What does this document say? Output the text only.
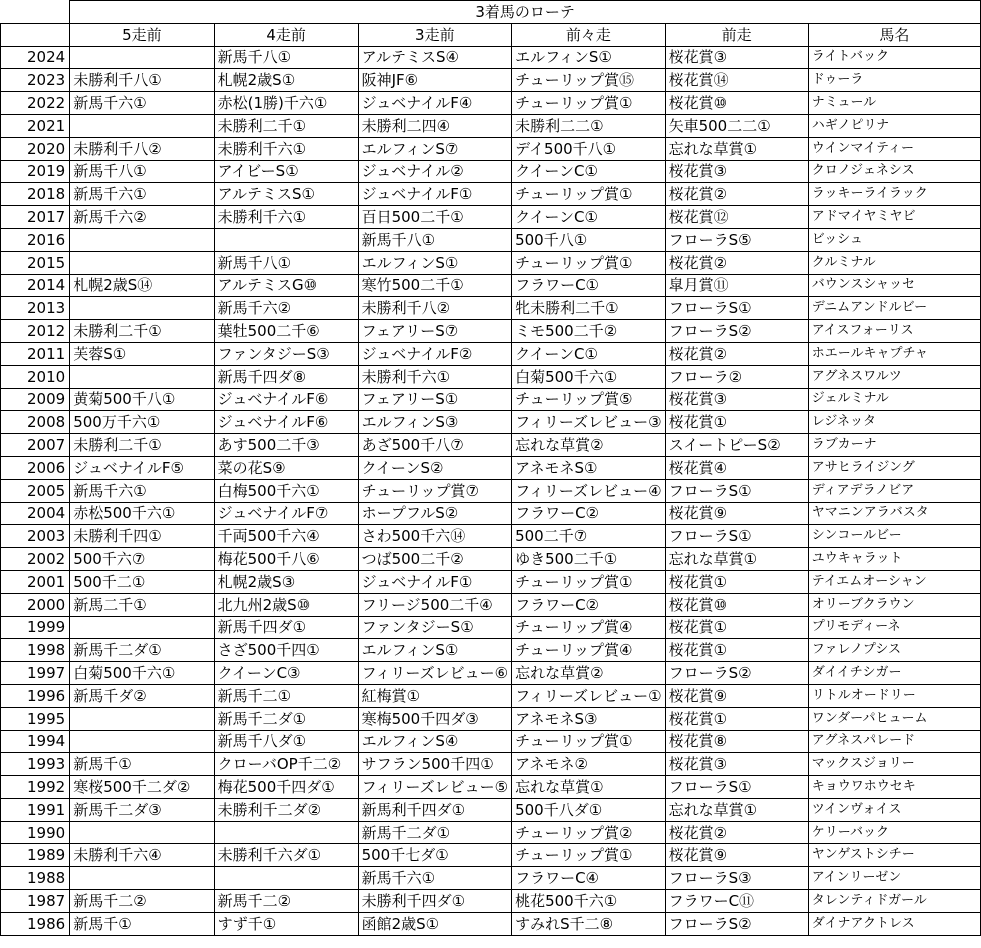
	3着馬のローテ					
	5走前	4走前	3走前	前々走	前走	馬名
2024		新馬千八①	アルテミスS④	エルフィンS①	桜花賞③	ライトバック
2023	未勝利千八①	札幌2歳S①	阪神JF⑥	チューリップ賞⑮	桜花賞⑭	ドゥーラ
2022	新馬千六①	赤松(1勝)千六①	ジュベナイルF④	チューリップ賞①	桜花賞⑩	ナミュール
2021		未勝利二千①	未勝利二四④	未勝利二二①	矢車500二二①	ハギノピリナ
2020	未勝利千八②	未勝利千六①	エルフィンS⑦	デイ500千八①	忘れな草賞①	ウインマイティー
2019	新馬千八①	アイビーS①	ジュベナイル②	クイーンC①	桜花賞③	クロノジェネシス
2018	新馬千六①	アルテミスS①	ジュベナイルF①	チューリップ賞①	桜花賞②	ラッキーライラック
2017	新馬千六②	未勝利千六①	百日500二千①	クイーンC①	桜花賞⑫	アドマイヤミヤビ
2016			新馬千八①	500千八①	フローラS⑤	ビッシュ
2015		新馬千八①	エルフィンS①	チューリップ賞①	桜花賞②	クルミナル
2014	札幌2歳S⑭	アルテミスG⑩	寒竹500二千①	フラワーC①	皐月賞⑪	バウンスシャッセ
2013		新馬千六②	未勝利千八②	牝未勝利二千①	フローラS①	デニムアンドルビー
2012	未勝利二千①	葉牡500二千⑥	フェアリーS⑦	ミモ500二千②	フローラS②	アイスフォーリス
2011	芙蓉S①	ファンタジーS③	ジュベナイルF②	クイーンC①	桜花賞②	ホエールキャプチャ
2010		新馬千四ダ⑧	未勝利千六①	白菊500千六①	フローラ②	アグネスワルツ
2009	黄菊500千八①	ジュベナイルF⑥	フェアリーS①	チューリップ賞⑤	桜花賞③	ジェルミナル
2008	500万千六①	ジュベナイルF⑥	エルフィンS③	フィリーズレビュー③	桜花賞①	レジネッタ
2007	未勝利二千①	あす500二千③	あざ500千八⑦	忘れな草賞②	スイートピーS②	ラブカーナ
2006	ジュベナイルF⑤	菜の花S⑨	クイーンS②	アネモネS①	桜花賞④	アサヒライジング
2005	新馬千六①	白梅500千六①	チューリップ賞⑦	フィリーズレビュー④	フローラS①	ディアデラノビア
2004	赤松500千六①	ジュベナイルF⑦	ホープフルS②	フラワーC②	桜花賞⑨	ヤマニンアラバスタ
2003	未勝利千四①	千両500千六④	さわ500千六⑭	500二千⑦	フローラS①	シンコールビー
2002	500千六⑦	梅花500千八⑥	つば500二千②	ゆき500二千①	忘れな草賞①	ユウキャラット
2001	500千二①	札幌2歳S③	ジュベナイルF①	チューリップ賞①	桜花賞①	テイエムオーシャン
2000	新馬二千①	北九州2歳S⑩	フリージ500二千④	フラワーC②	桜花賞⑩	オリーブクラウン
1999		新馬千四ダ①	ファンタジーS①	チューリップ賞④	桜花賞①	プリモディーネ
1998	新馬千二ダ①	さざ500千四①	エルフィンS①	チューリップ賞④	桜花賞①	ファレノプシス
1997	白菊500千六①	クイーンC③	フィリーズレビュー⑥	忘れな草賞②	フローラS②	ダイイチシガー
1996	新馬千ダ②	新馬千二①	紅梅賞①	フィリーズレビュー①	桜花賞⑨	リトルオードリー
1995		新馬千二ダ①	寒梅500千四ダ③	アネモネS③	桜花賞①	ワンダーパヒューム
1994		新馬千八ダ①	エルフィンS④	チューリップ賞①	桜花賞⑧	アグネスパレード
1993	新馬千①	クローバOP千二②	サフラン500千四①	アネモネ②	桜花賞③	マックスジョリー
1992	寒桜500千二ダ②	梅花500千四ダ①	フィリーズレビュー⑤	忘れな草賞①	フローラS①	キョウワホウセキ
1991	新馬千二ダ③	未勝利千二ダ②	新馬利千四ダ①	500千八ダ①	忘れな草賞①	ツインヴォイス
1990			新馬千二ダ①	チューリップ賞②	桜花賞②	ケリーバック
1989	未勝利千六④	未勝利千六ダ①	500千七ダ①	チューリップ賞①	桜花賞⑨	ヤンゲストシチー
1988			新馬千六①	フラワーC④	フローラS③	アインリーゼン
1987	新馬千二②	新馬千二②	未勝利千四ダ①	桃花500千六①	フラワーC⑪	タレンティドガール
1986	新馬千①	すず千①	函館2歳S①	すみれS千二⑧	フローラS②	ダイナアクトレス
